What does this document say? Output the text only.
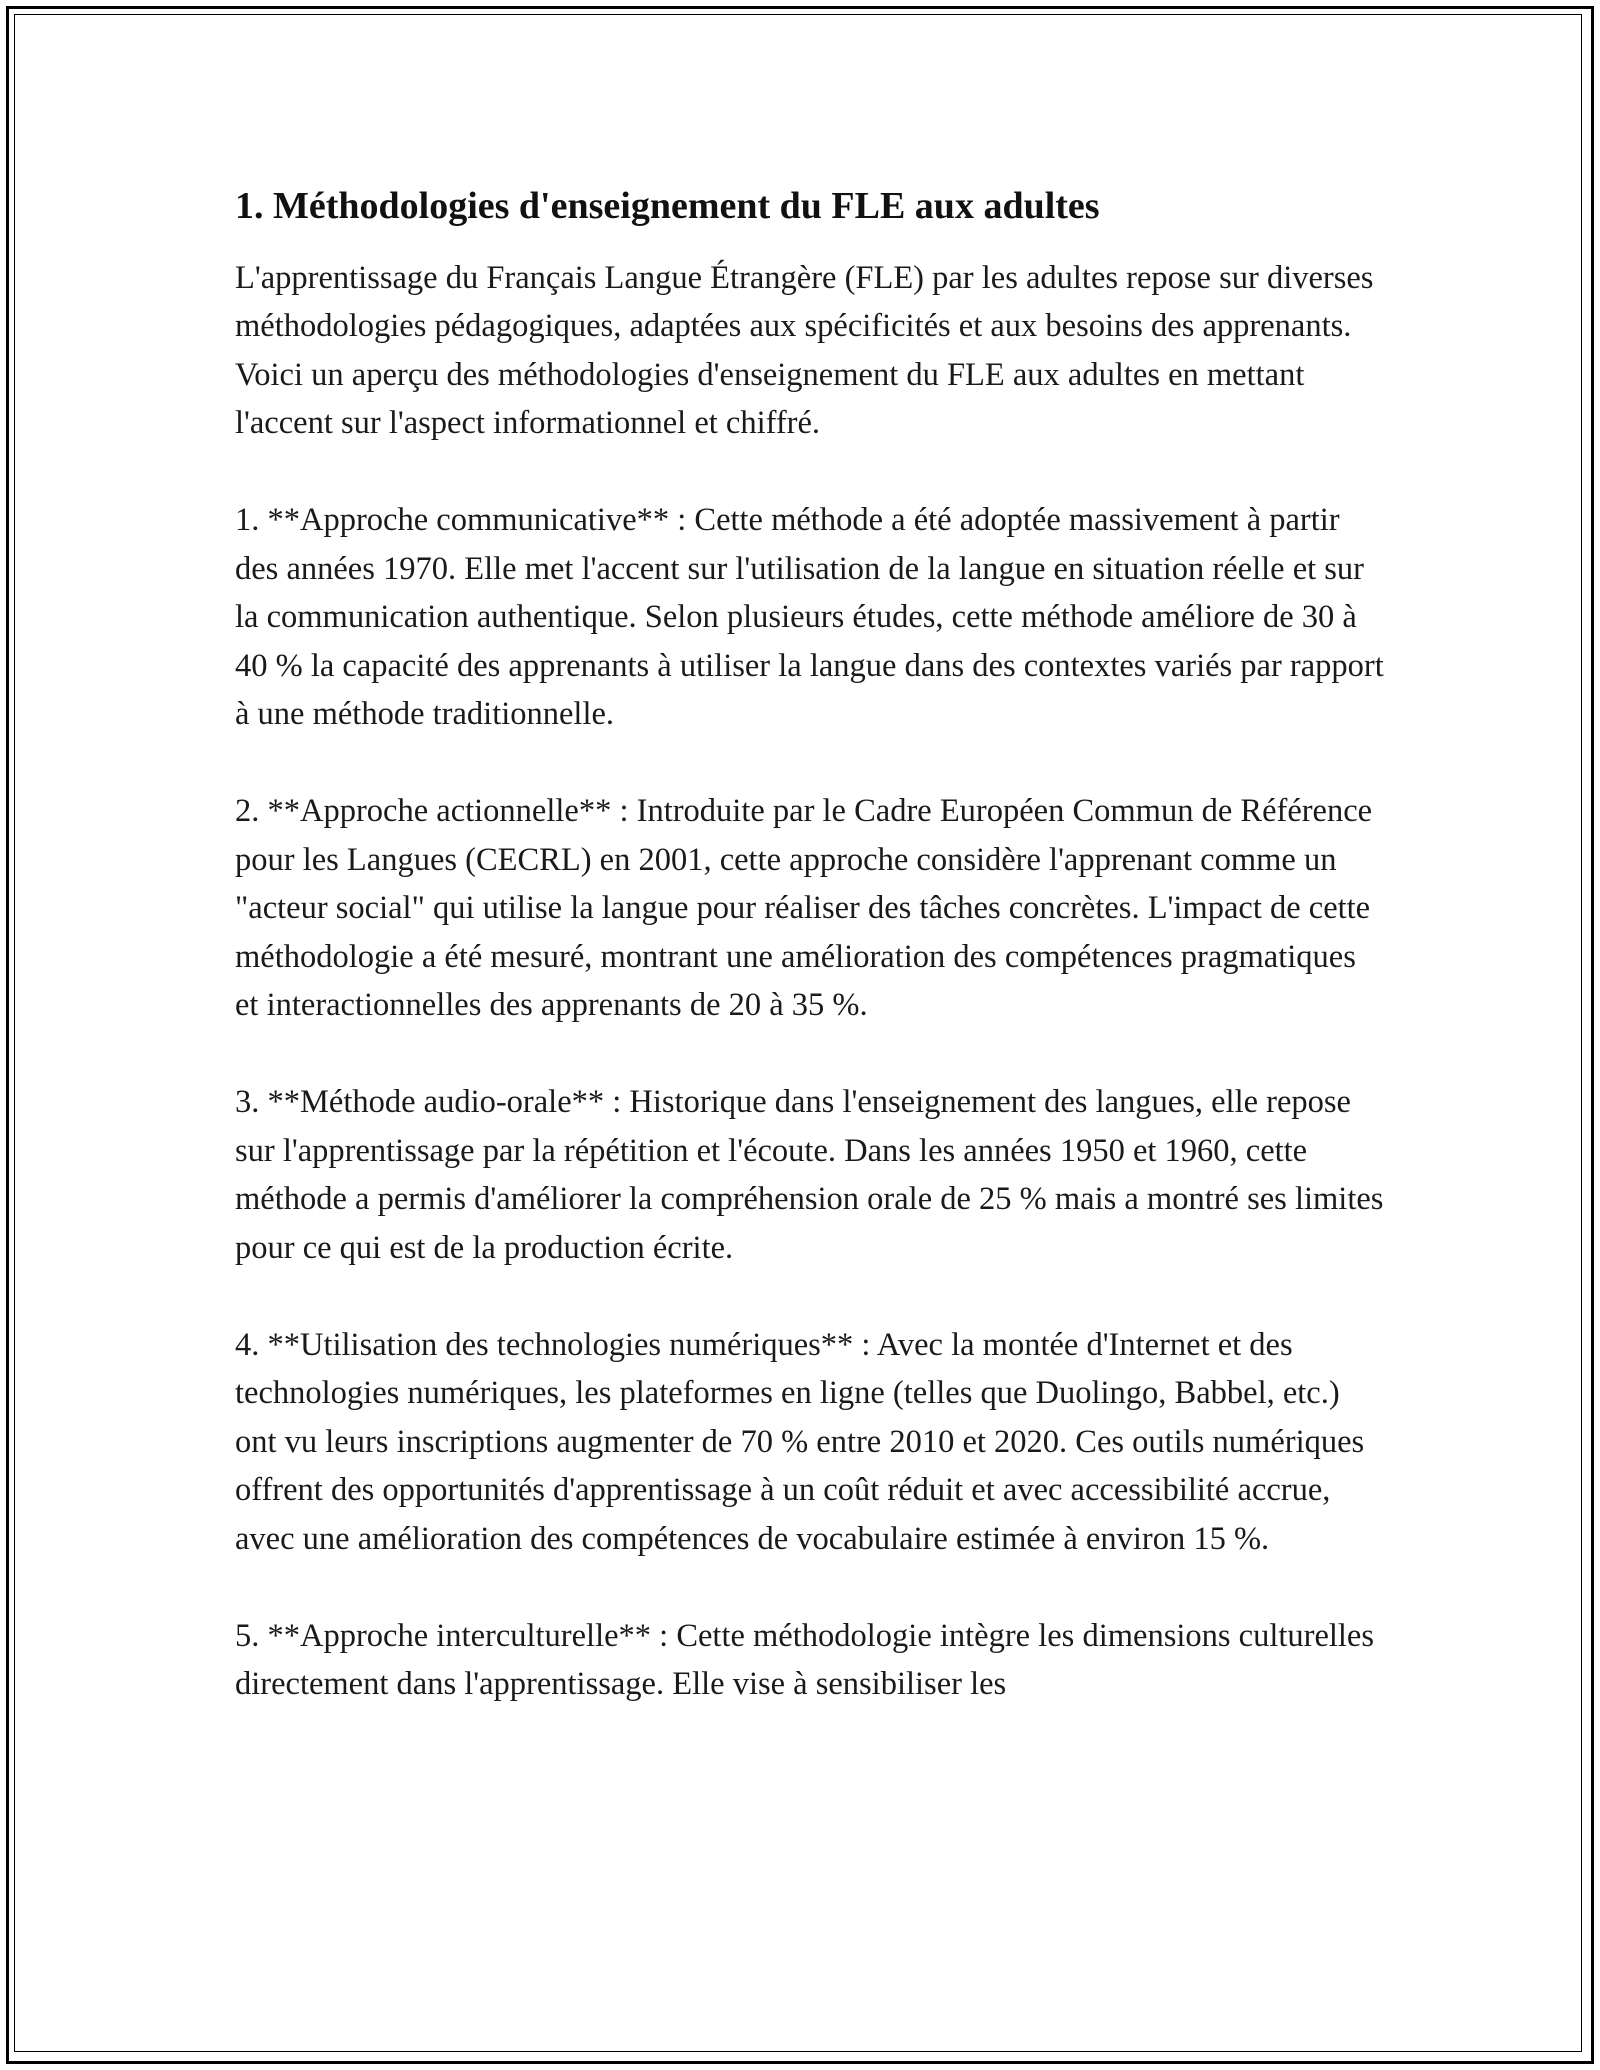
1. Méthodologies d'enseignement du FLE aux adultes

L'apprentissage du Français Langue Étrangère (FLE) par les adultes repose sur diverses méthodologies pédagogiques, adaptées aux spécificités et aux besoins des apprenants. Voici un aperçu des méthodologies d'enseignement du FLE aux adultes en mettant l'accent sur l'aspect informationnel et chiffré.

1. **Approche communicative** : Cette méthode a été adoptée massivement à partir des années 1970. Elle met l'accent sur l'utilisation de la langue en situation réelle et sur la communication authentique. Selon plusieurs études, cette méthode améliore de 30 à 40 % la capacité des apprenants à utiliser la langue dans des contextes variés par rapport à une méthode traditionnelle.

2. **Approche actionnelle** : Introduite par le Cadre Européen Commun de Référence pour les Langues (CECRL) en 2001, cette approche considère l'apprenant comme un "acteur social" qui utilise la langue pour réaliser des tâches concrètes. L'impact de cette méthodologie a été mesuré, montrant une amélioration des compétences pragmatiques et interactionnelles des apprenants de 20 à 35 %.

3. **Méthode audio-orale** : Historique dans l'enseignement des langues, elle repose sur l'apprentissage par la répétition et l'écoute. Dans les années 1950 et 1960, cette méthode a permis d'améliorer la compréhension orale de 25 % mais a montré ses limites pour ce qui est de la production écrite.

4. **Utilisation des technologies numériques** : Avec la montée d'Internet et des technologies numériques, les plateformes en ligne (telles que Duolingo, Babbel, etc.) ont vu leurs inscriptions augmenter de 70 % entre 2010 et 2020. Ces outils numériques offrent des opportunités d'apprentissage à un coût réduit et avec accessibilité accrue, avec une amélioration des compétences de vocabulaire estimée à environ 15 %.

5. **Approche interculturelle** : Cette méthodologie intègre les dimensions culturelles directement dans l'apprentissage. Elle vise à sensibiliser les
